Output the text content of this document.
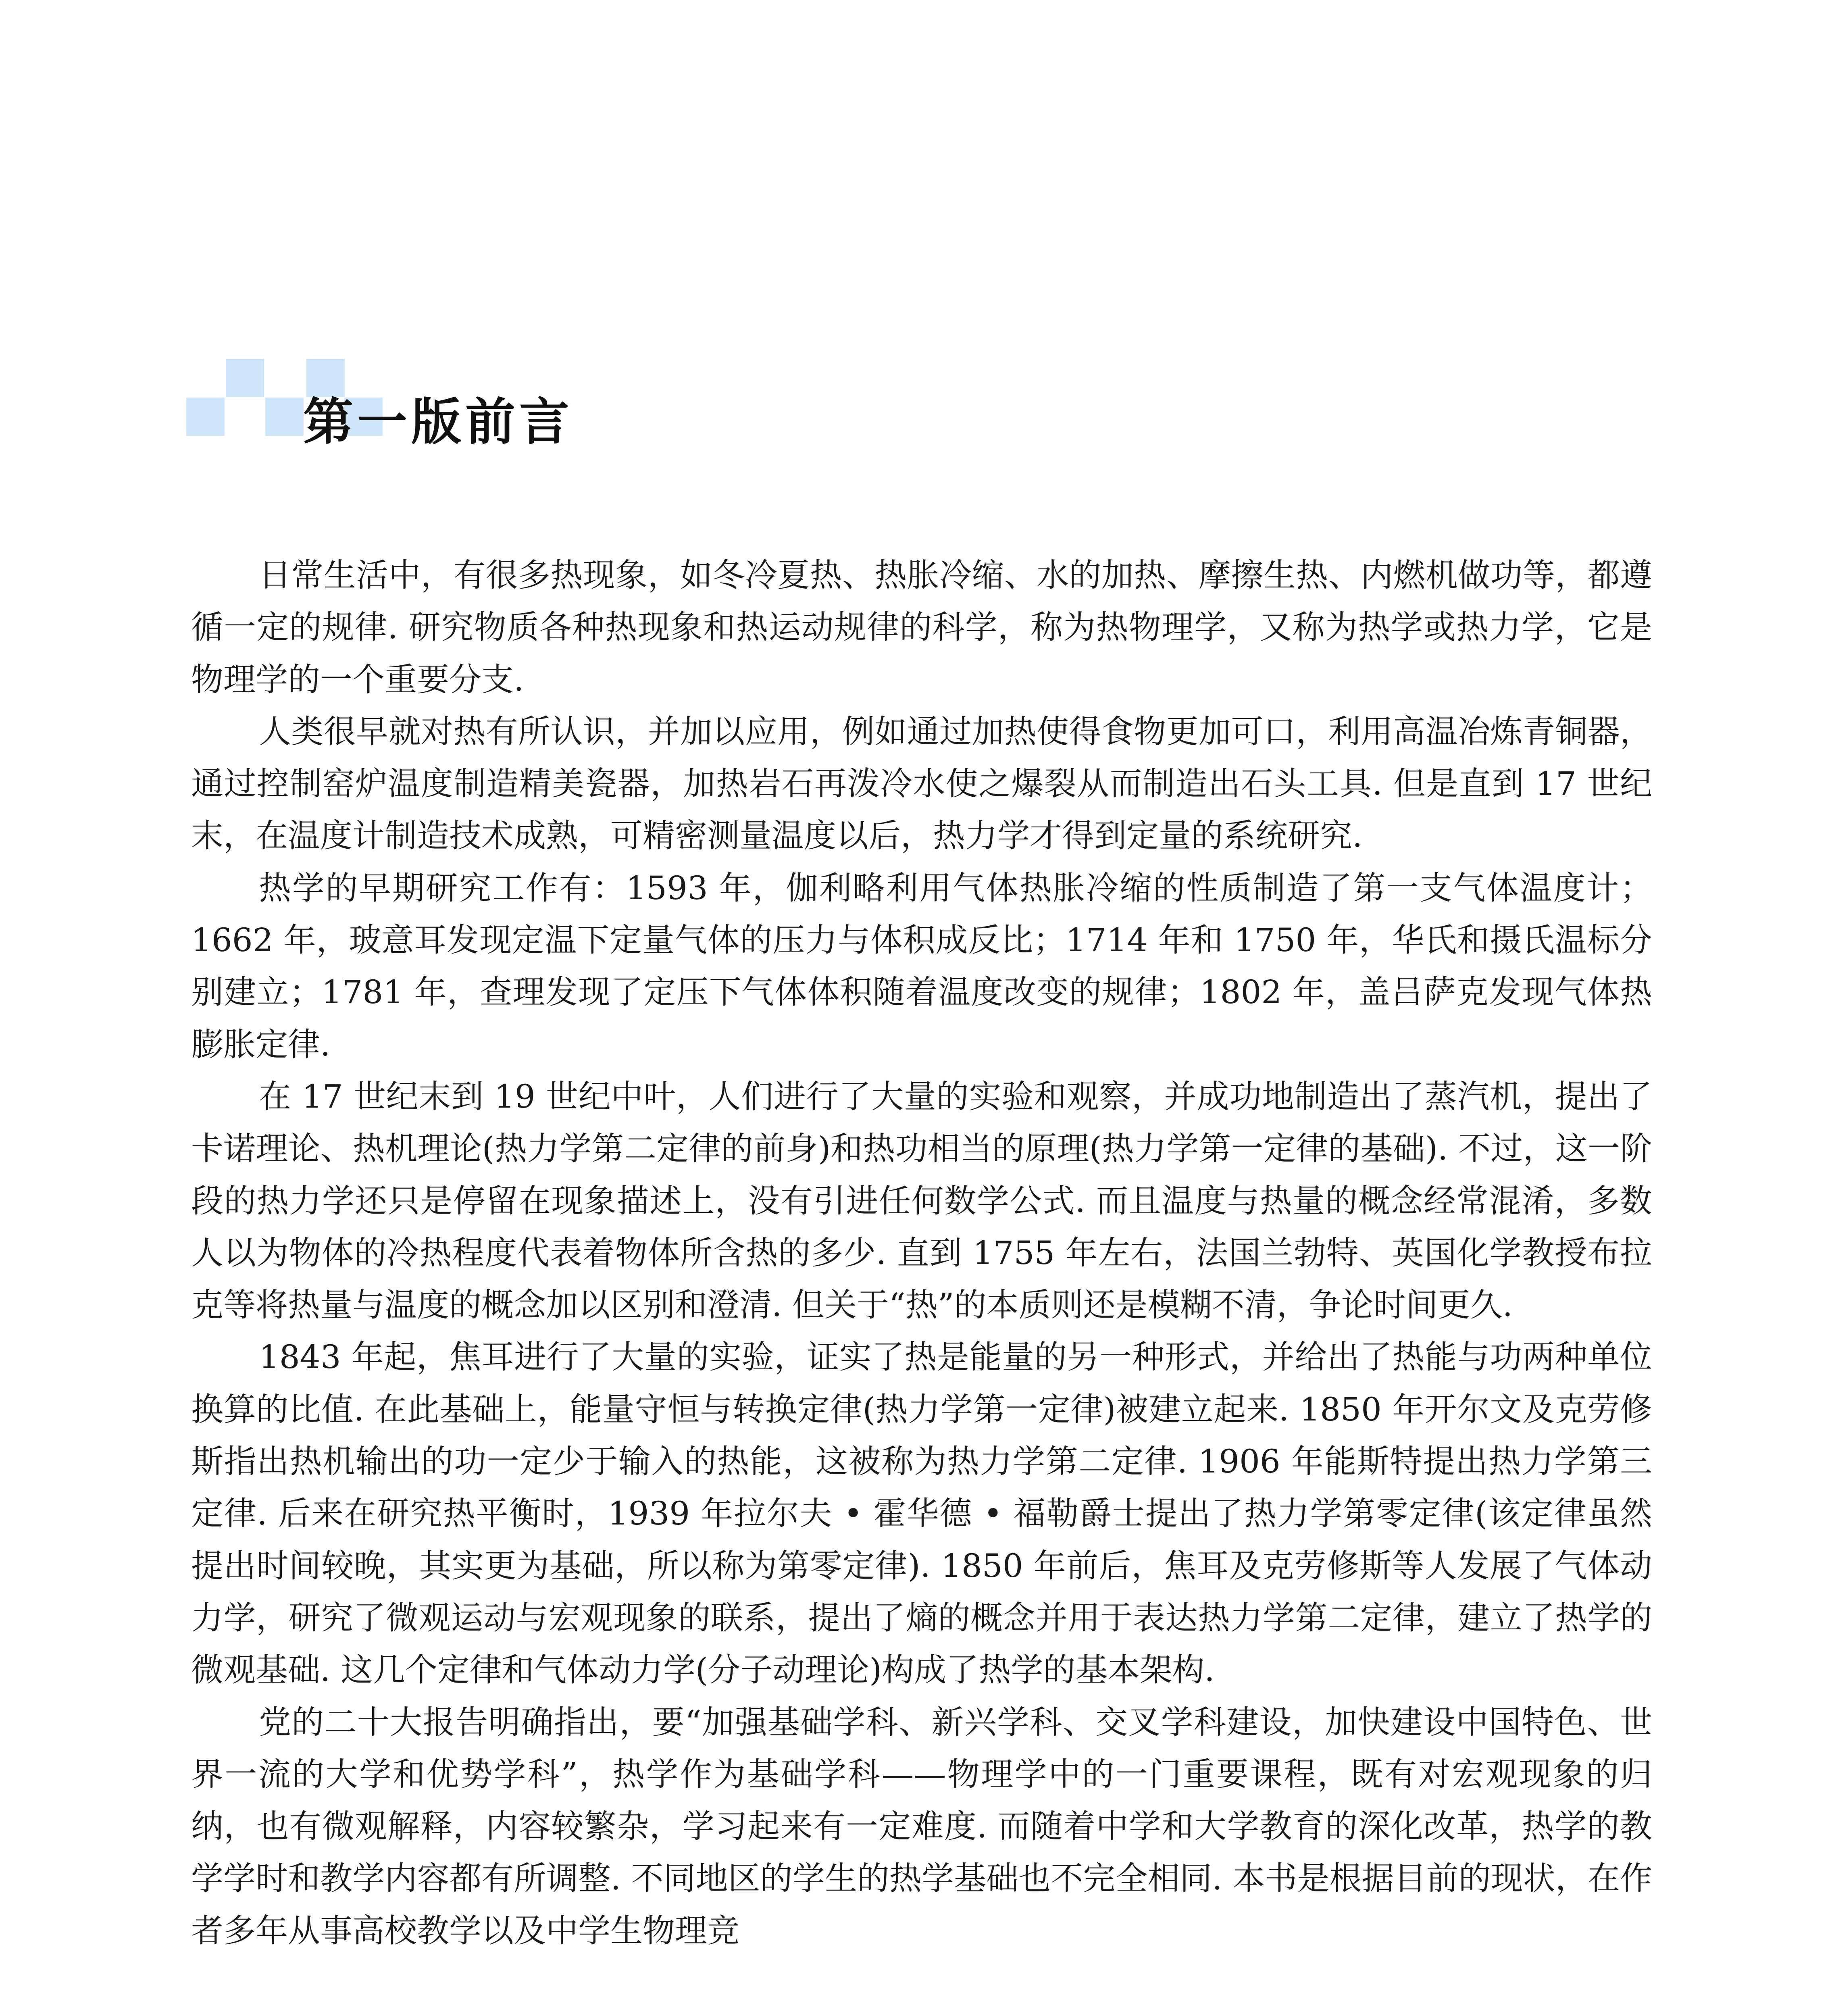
第一版前言

日常生活中，有很多热现象，如冬冷夏热、热胀冷缩、水的加热、摩擦生热、内燃机做功等，都遵循一定的规律. 研究物质各种热现象和热运动规律的科学，称为热物理学，又称为热学或热力学，它是物理学的一个重要分支.

人类很早就对热有所认识，并加以应用，例如通过加热使得食物更加可口，利用高温冶炼青铜器，通过控制窑炉温度制造精美瓷器，加热岩石再泼冷水使之爆裂从而制造出石头工具. 但是直到 17 世纪末，在温度计制造技术成熟，可精密测量温度以后，热力学才得到定量的系统研究.

热学的早期研究工作有：1593 年，伽利略利用气体热胀冷缩的性质制造了第一支气体温度计；1662 年，玻意耳发现定温下定量气体的压力与体积成反比；1714 年和 1750 年，华氏和摄氏温标分别建立；1781 年，查理发现了定压下气体体积随着温度改变的规律；1802 年，盖吕萨克发现气体热膨胀定律.

在 17 世纪末到 19 世纪中叶，人们进行了大量的实验和观察，并成功地制造出了蒸汽机，提出了卡诺理论、热机理论(热力学第二定律的前身)和热功相当的原理(热力学第一定律的基础). 不过，这一阶段的热力学还只是停留在现象描述上，没有引进任何数学公式. 而且温度与热量的概念经常混淆，多数人以为物体的冷热程度代表着物体所含热的多少. 直到 1755 年左右，法国兰勃特、英国化学教授布拉克等将热量与温度的概念加以区别和澄清. 但关于“热”的本质则还是模糊不清，争论时间更久.

1843 年起，焦耳进行了大量的实验，证实了热是能量的另一种形式，并给出了热能与功两种单位换算的比值. 在此基础上，能量守恒与转换定律(热力学第一定律)被建立起来. 1850 年开尔文及克劳修斯指出热机输出的功一定少于输入的热能，这被称为热力学第二定律. 1906 年能斯特提出热力学第三定律. 后来在研究热平衡时，1939 年拉尔夫 • 霍华德 • 福勒爵士提出了热力学第零定律(该定律虽然提出时间较晚，其实更为基础，所以称为第零定律). 1850 年前后，焦耳及克劳修斯等人发展了气体动力学，研究了微观运动与宏观现象的联系，提出了熵的概念并用于表达热力学第二定律，建立了热学的微观基础. 这几个定律和气体动力学(分子动理论)构成了热学的基本架构.

党的二十大报告明确指出，要“加强基础学科、新兴学科、交叉学科建设，加快建设中国特色、世界一流的大学和优势学科”，热学作为基础学科——物理学中的一门重要课程，既有对宏观现象的归纳，也有微观解释，内容较繁杂，学习起来有一定难度. 而随着中学和大学教育的深化改革，热学的教学学时和教学内容都有所调整. 不同地区的学生的热学基础也不完全相同. 本书是根据目前的现状，在作者多年从事高校教学以及中学生物理竞
